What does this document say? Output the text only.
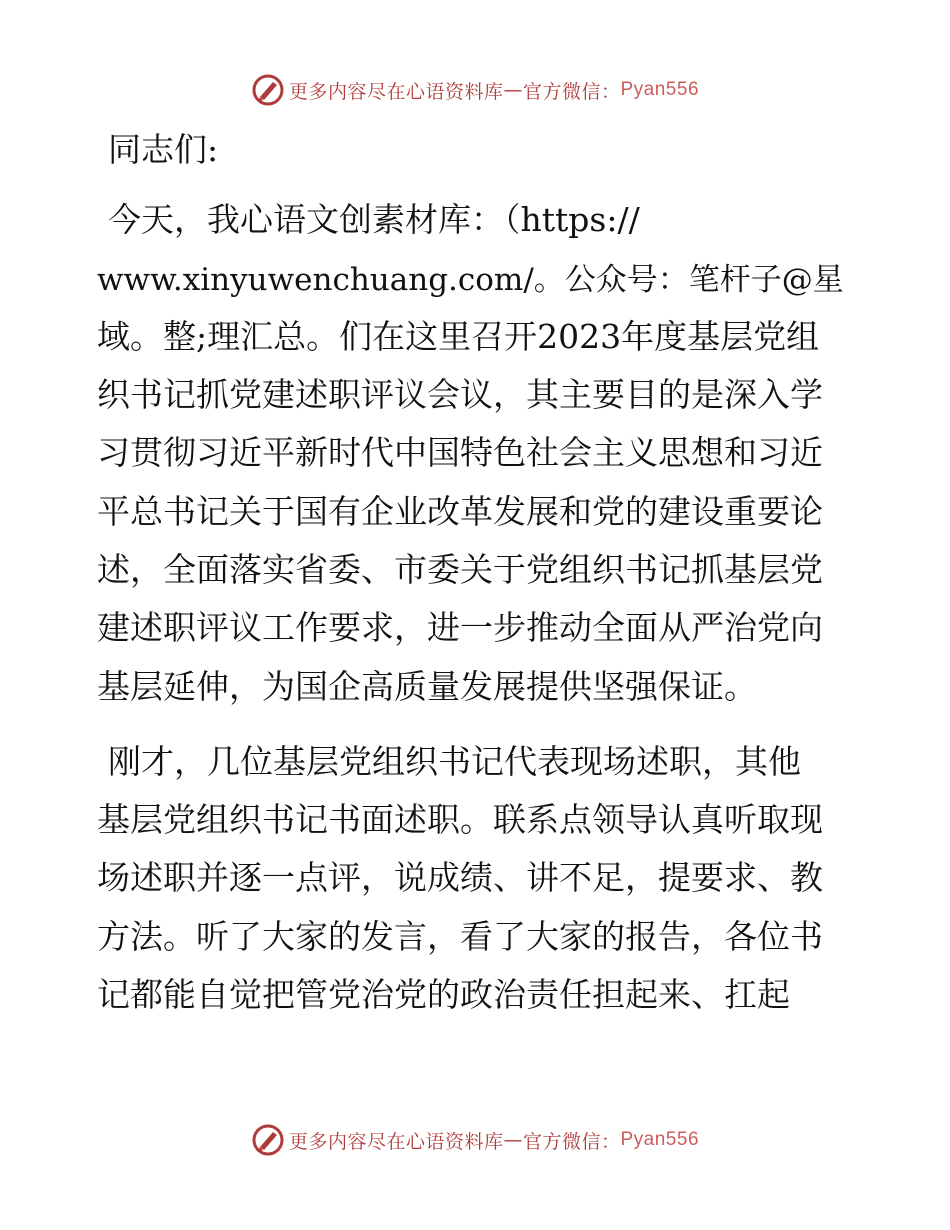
更多内容尽在心语资料库 — 官方微信： Pyan556
同志们:
今天，我心语文创素材库：（https://
www.xinyuwenchuang.com/。公众号：笔杆子@星
域。整;理汇总。们在这里召开2023年度基层党组
织书记抓党建述职评议会议，其主要目的是深入学
习贯彻习近平新时代中国特色社会主义思想和习近
平总书记关于国有企业改革发展和党的建设重要论
述，全面落实省委、市委关于党组织书记抓基层党
建述职评议工作要求，进一步推动全面从严治党向
基层延伸，为国企高质量发展提供坚强保证。
刚才，几位基层党组织书记代表现场述职，其他
基层党组织书记书面述职。联系点领导认真听取现
场述职并逐一点评，说成绩、讲不足，提要求、教
方法。听了大家的发言，看了大家的报告，各位书
记都能自觉把管党治党的政治责任担起来、扛起
更多内容尽在心语资料库 — 官方微信： Pyan556
